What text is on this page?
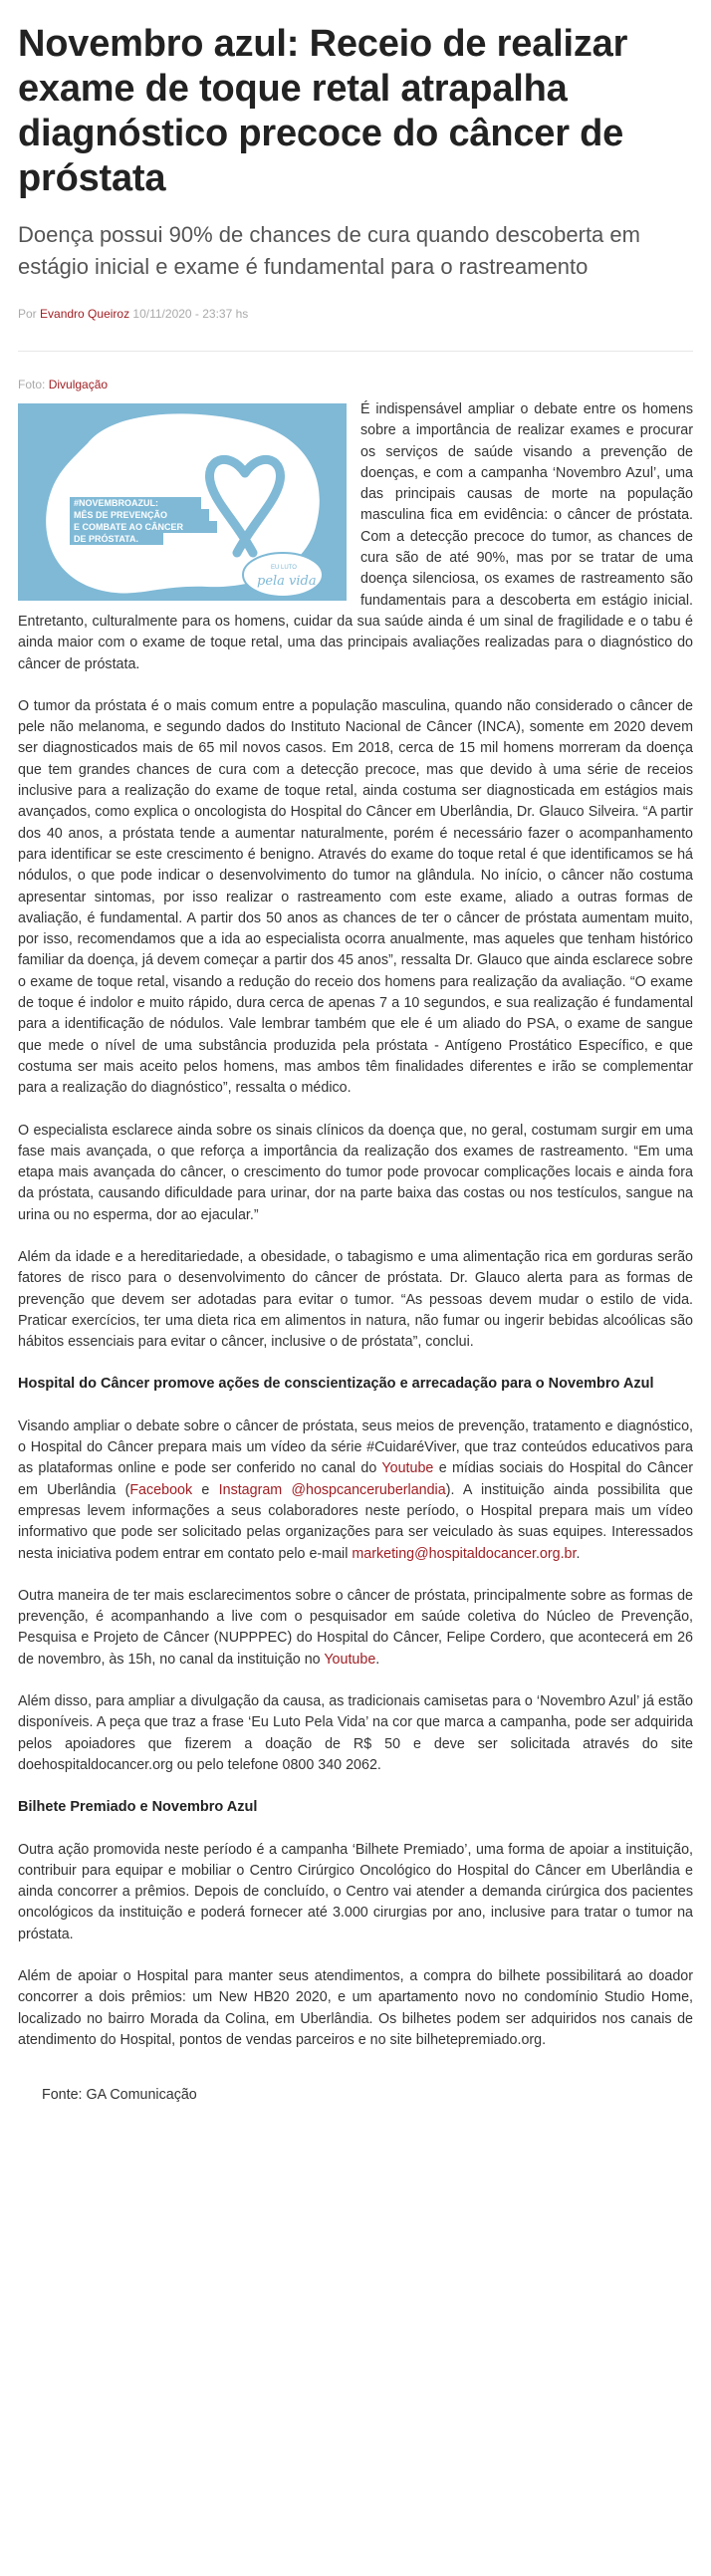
Novembro azul: Receio de realizar exame de toque retal atrapalha diagnóstico precoce do câncer de próstata

Doença possui 90% de chances de cura quando descoberta em estágio inicial e exame é fundamental para o rastreamento

Por Evandro Queiroz 10/11/2020 - 23:37 hs
Foto: Divulgação
#NOVEMBROAZUL:
MÊS DE PREVENÇÃO
E COMBATE AO CÂNCER
DE PRÓSTATA.
EU LUTO
pela vida

É indispensável ampliar o debate entre os homens sobre a importância de realizar exames e procurar os serviços de saúde visando a prevenção de doenças, e com a campanha ‘Novembro Azul’, uma das principais causas de morte na população masculina fica em evidência: o câncer de próstata. Com a detecção precoce do tumor, as chances de cura são de até 90%, mas por se tratar de uma doença silenciosa, os exames de rastreamento são fundamentais para a descoberta em estágio inicial. Entretanto, culturalmente para os homens, cuidar da sua saúde ainda é um sinal de fragilidade e o tabu é ainda maior com o exame de toque retal, uma das principais avaliações realizadas para o diagnóstico do câncer de próstata.

O tumor da próstata é o mais comum entre a população masculina, quando não considerado o câncer de pele não melanoma, e segundo dados do Instituto Nacional de Câncer (INCA), somente em 2020 devem ser diagnosticados mais de 65 mil novos casos. Em 2018, cerca de 15 mil homens morreram da doença que tem grandes chances de cura com a detecção precoce, mas que devido à uma série de receios inclusive para a realização do exame de toque retal, ainda costuma ser diagnosticada em estágios mais avançados, como explica o oncologista do Hospital do Câncer em Uberlândia, Dr. Glauco Silveira. “A partir dos 40 anos, a próstata tende a aumentar naturalmente, porém é necessário fazer o acompanhamento para identificar se este crescimento é benigno. Através do exame do toque retal é que identificamos se há nódulos, o que pode indicar o desenvolvimento do tumor na glândula. No início, o câncer não costuma apresentar sintomas, por isso realizar o rastreamento com este exame, aliado a outras formas de avaliação, é fundamental. A partir dos 50 anos as chances de ter o câncer de próstata aumentam muito, por isso, recomendamos que a ida ao especialista ocorra anualmente, mas aqueles que tenham histórico familiar da doença, já devem começar a partir dos 45 anos”, ressalta Dr. Glauco que ainda esclarece sobre o exame de toque retal, visando a redução do receio dos homens para realização da avaliação. “O exame de toque é indolor e muito rápido, dura cerca de apenas 7 a 10 segundos, e sua realização é fundamental para a identificação de nódulos. Vale lembrar também que ele é um aliado do PSA, o exame de sangue que mede o nível de uma substância produzida pela próstata - Antígeno Prostático Específico, e que costuma ser mais aceito pelos homens, mas ambos têm finalidades diferentes e irão se complementar para a realização do diagnóstico”, ressalta o médico.

O especialista esclarece ainda sobre os sinais clínicos da doença que, no geral, costumam surgir em uma fase mais avançada, o que reforça a importância da realização dos exames de rastreamento. “Em uma etapa mais avançada do câncer, o crescimento do tumor pode provocar complicações locais e ainda fora da próstata, causando dificuldade para urinar, dor na parte baixa das costas ou nos testículos, sangue na urina ou no esperma, dor ao ejacular.”

Além da idade e a hereditariedade, a obesidade, o tabagismo e uma alimentação rica em gorduras serão fatores de risco para o desenvolvimento do câncer de próstata. Dr. Glauco alerta para as formas de prevenção que devem ser adotadas para evitar o tumor. “As pessoas devem mudar o estilo de vida. Praticar exercícios, ter uma dieta rica em alimentos in natura, não fumar ou ingerir bebidas alcoólicas são hábitos essenciais para evitar o câncer, inclusive o de próstata”, conclui.

Hospital do Câncer promove ações de conscientização e arrecadação para o Novembro Azul

Visando ampliar o debate sobre o câncer de próstata, seus meios de prevenção, tratamento e diagnóstico, o Hospital do Câncer prepara mais um vídeo da série #CuidaréViver, que traz conteúdos educativos para as plataformas online e pode ser conferido no canal do Youtube e mídias sociais do Hospital do Câncer em Uberlândia (Facebook e Instagram @hospcanceruberlandia). A instituição ainda possibilita que empresas levem informações a seus colaboradores neste período, o Hospital prepara mais um vídeo informativo que pode ser solicitado pelas organizações para ser veiculado às suas equipes. Interessados nesta iniciativa podem entrar em contato pelo e-mail marketing@hospitaldocancer.org.br.

Outra maneira de ter mais esclarecimentos sobre o câncer de próstata, principalmente sobre as formas de prevenção, é acompanhando a live com o pesquisador em saúde coletiva do Núcleo de Prevenção, Pesquisa e Projeto de Câncer (NUPPPEC) do Hospital do Câncer, Felipe Cordero, que acontecerá em 26 de novembro, às 15h, no canal da instituição no Youtube.

Além disso, para ampliar a divulgação da causa, as tradicionais camisetas para o ‘Novembro Azul’ já estão disponíveis. A peça que traz a frase ‘Eu Luto Pela Vida’ na cor que marca a campanha, pode ser adquirida pelos apoiadores que fizerem a doação de R$ 50 e deve ser solicitada através do site doehospitaldocancer.org ou pelo telefone 0800 340 2062.

Bilhete Premiado e Novembro Azul

Outra ação promovida neste período é a campanha ‘Bilhete Premiado’, uma forma de apoiar a instituição, contribuir para equipar e mobiliar o Centro Cirúrgico Oncológico do Hospital do Câncer em Uberlândia e ainda concorrer a prêmios. Depois de concluído, o Centro vai atender a demanda cirúrgica dos pacientes oncológicos da instituição e poderá fornecer até 3.000 cirurgias por ano, inclusive para tratar o tumor na próstata.

Além de apoiar o Hospital para manter seus atendimentos, a compra do bilhete possibilitará ao doador concorrer a dois prêmios: um New HB20 2020, e um apartamento novo no condomínio Studio Home, localizado no bairro Morada da Colina, em Uberlândia. Os bilhetes podem ser adquiridos nos canais de atendimento do Hospital, pontos de vendas parceiros e no site bilhetepremiado.org.

Fonte: GA Comunicação
